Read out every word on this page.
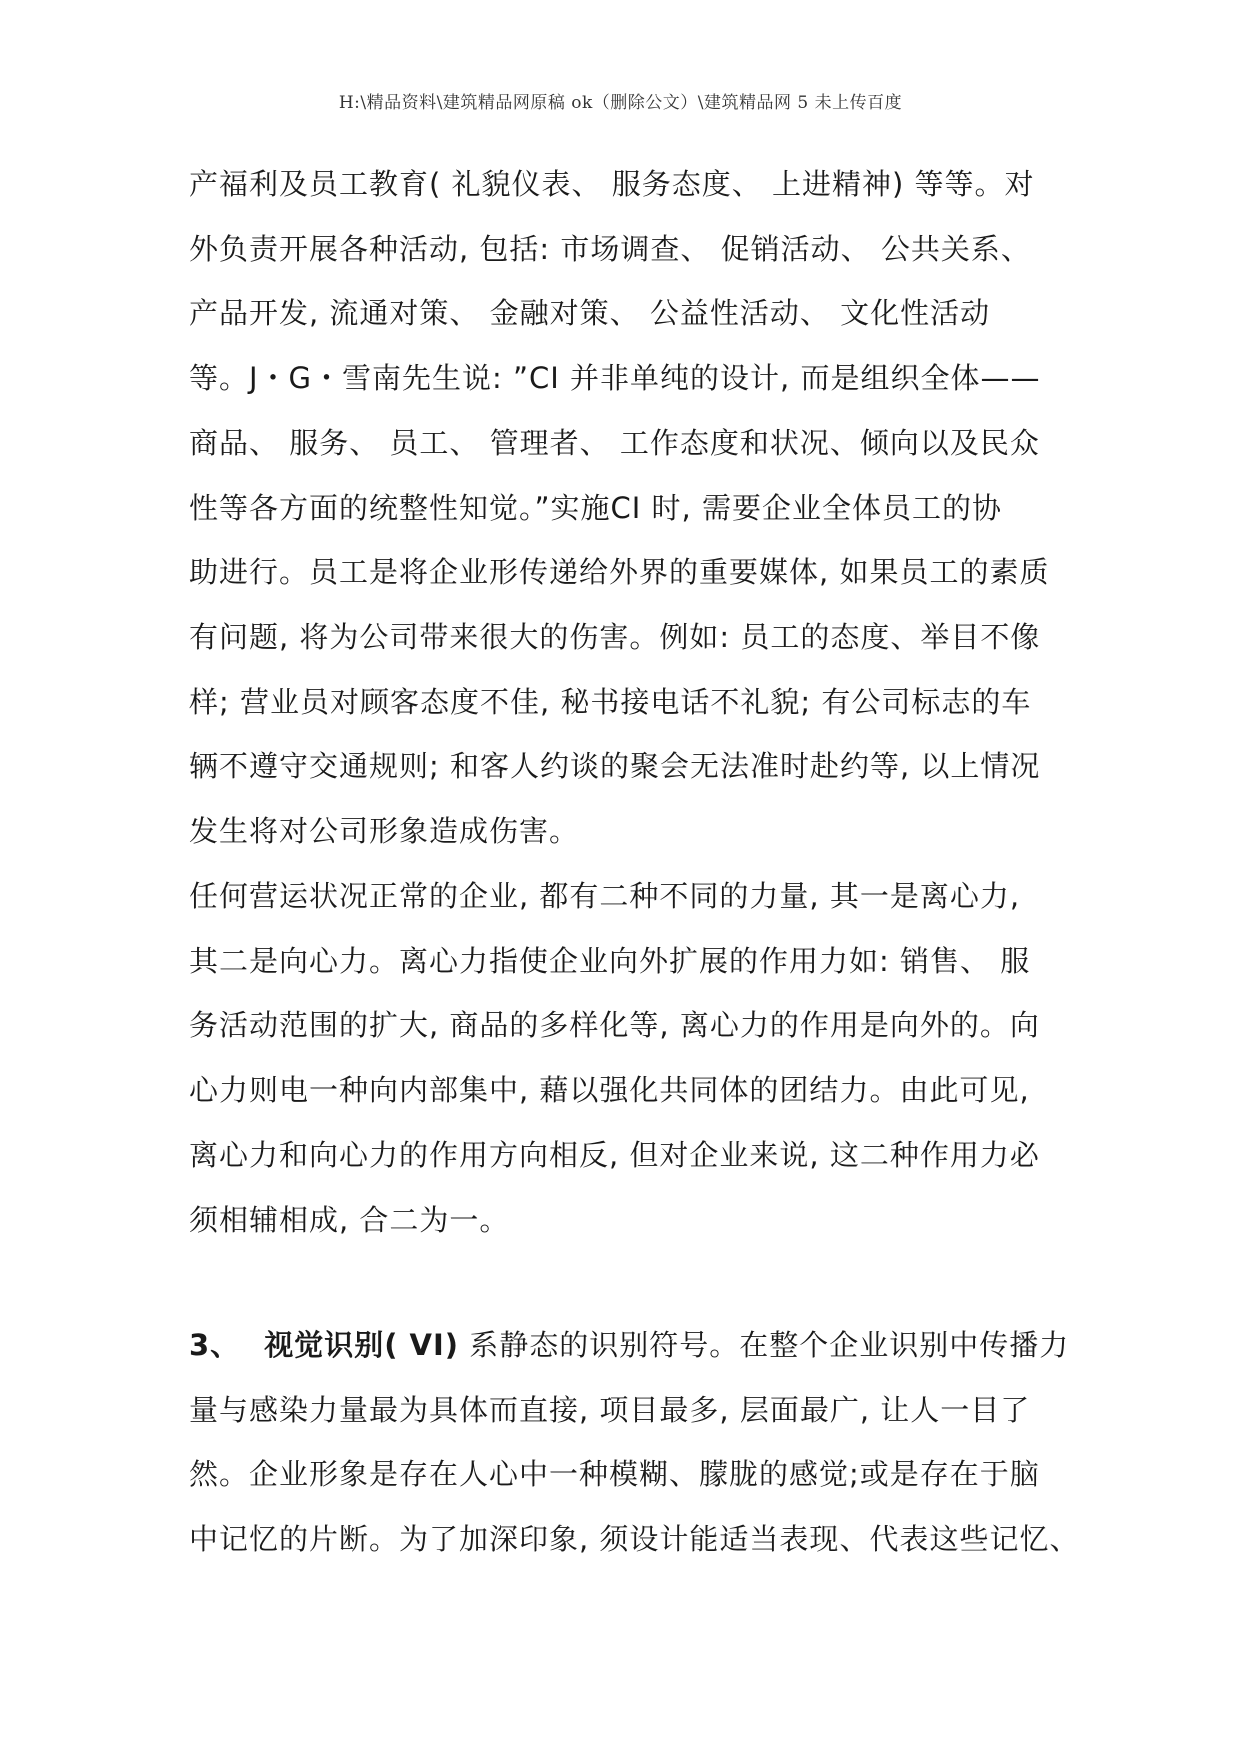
H:\精品资料\建筑精品网原稿 ok（删除公文）\建筑精品网 5 未上传百度
产福利及员工教育( 礼貌仪表、 服务态度、 上进精神) 等等。对
外负责开展各种活动, 包括: 市场调查、 促销活动、 公共关系、
产品开发, 流通对策、 金融对策、 公益性活动、 文化性活动
等。J・G・雪南先生说: ”CI 并非单纯的设计, 而是组织全体——
商品、 服务、 员工、 管理者、 工作态度和状况、倾向以及民众
性等各方面的统整性知觉。”实施CI 时, 需要企业全体员工的协
助进行。员工是将企业形传递给外界的重要媒体, 如果员工的素质
有问题, 将为公司带来很大的伤害。例如: 员工的态度、举目不像
样; 营业员对顾客态度不佳, 秘书接电话不礼貌; 有公司标志的车
辆不遵守交通规则; 和客人约谈的聚会无法准时赴约等, 以上情况
发生将对公司形象造成伤害。
任何营运状况正常的企业, 都有二种不同的力量, 其一是离心力,
其二是向心力。离心力指使企业向外扩展的作用力如: 销售、 服
务活动范围的扩大, 商品的多样化等, 离心力的作用是向外的。向
心力则电一种向内部集中, 藉以强化共同体的团结力。由此可见,
离心力和向心力的作用方向相反, 但对企业来说, 这二种作用力必
须相辅相成, 合二为一。
3、 视觉识别( VI) 系静态的识别符号。在整个企业识别中传播力
量与感染力量最为具体而直接, 项目最多, 层面最广, 让人一目了
然。企业形象是存在人心中一种模糊、朦胧的感觉;或是存在于脑
中记忆的片断。为了加深印象, 须设计能适当表现、代表这些记忆、
